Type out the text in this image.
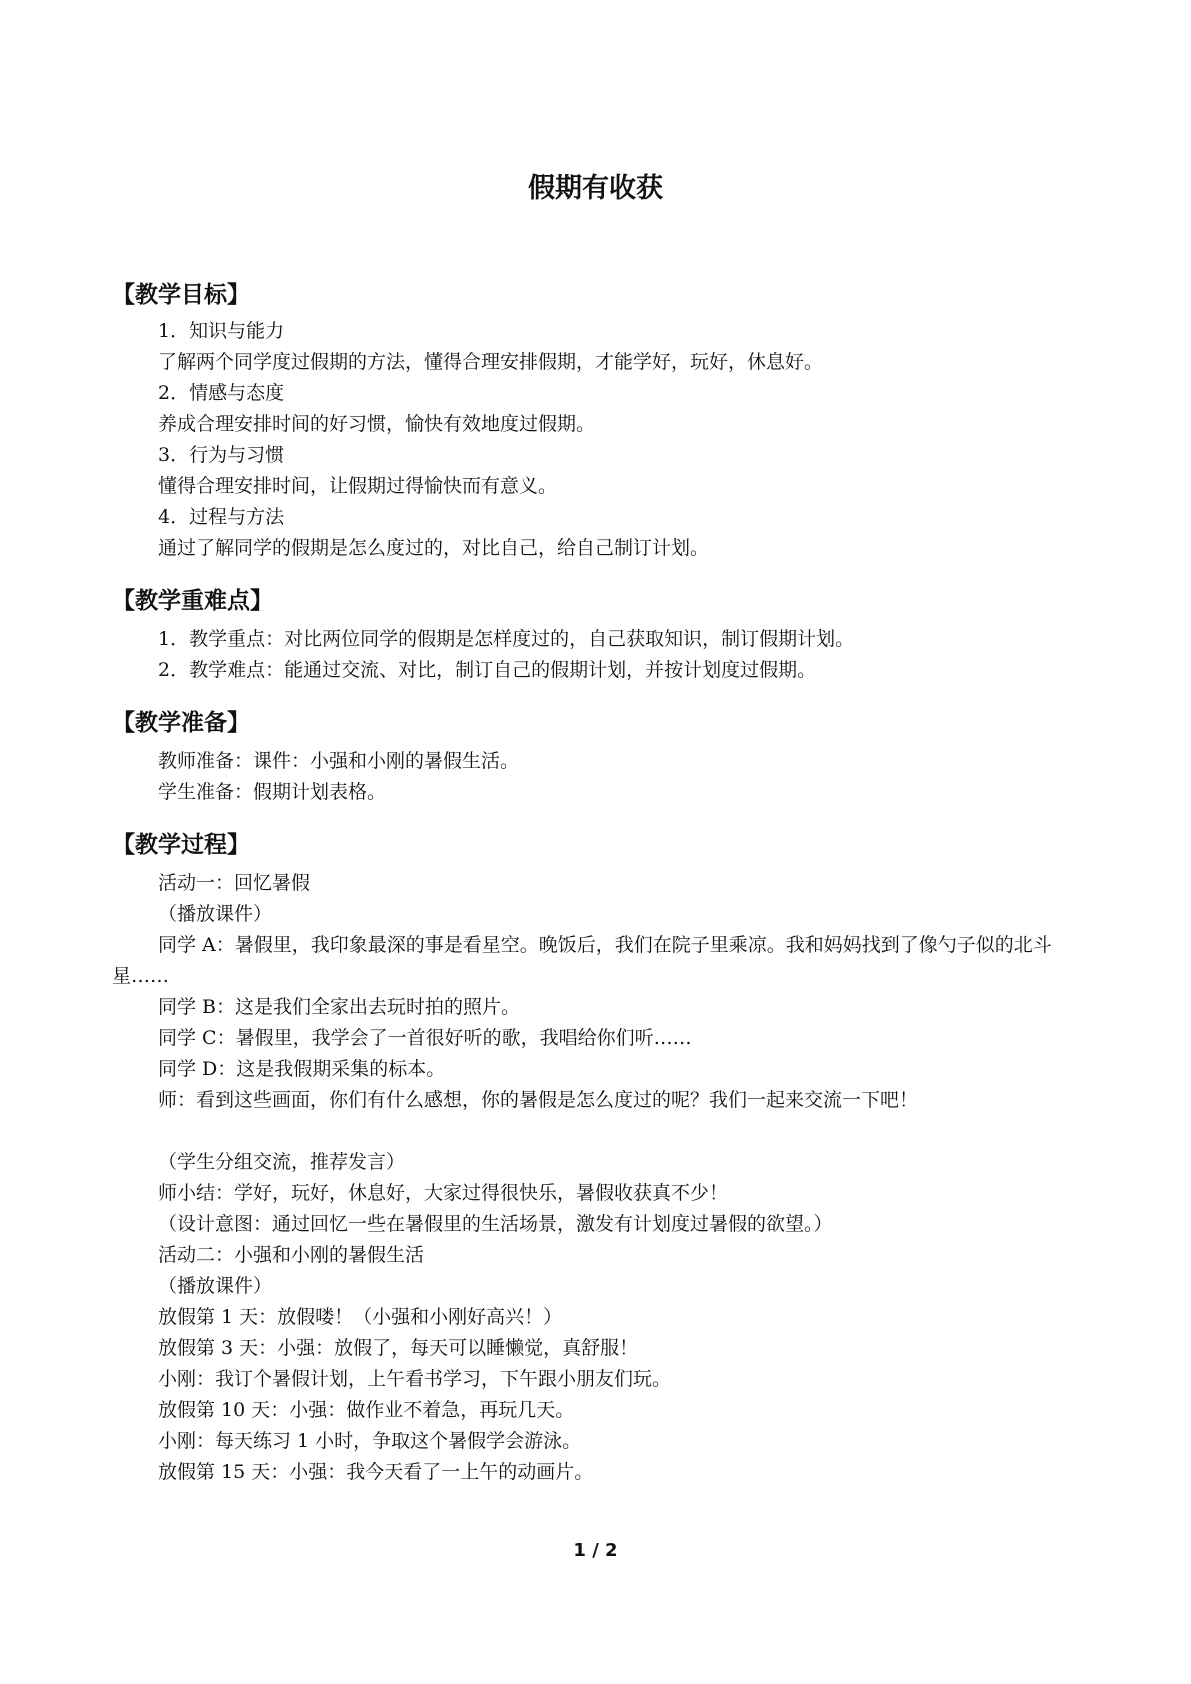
假期有收获
【教学目标】
1．知识与能力
了解两个同学度过假期的方法，懂得合理安排假期，才能学好，玩好，休息好。
2．情感与态度
养成合理安排时间的好习惯，愉快有效地度过假期。
3．行为与习惯
懂得合理安排时间，让假期过得愉快而有意义。
4．过程与方法
通过了解同学的假期是怎么度过的，对比自己，给自己制订计划。
【教学重难点】
1．教学重点：对比两位同学的假期是怎样度过的，自己获取知识，制订假期计划。
2．教学难点：能通过交流、对比，制订自己的假期计划，并按计划度过假期。
【教学准备】
教师准备：课件：小强和小刚的暑假生活。
学生准备：假期计划表格。
【教学过程】
活动一：回忆暑假
（播放课件）
同学 A：暑假里，我印象最深的事是看星空。晚饭后，我们在院子里乘凉。我和妈妈找到了像勺子似的北斗星……
同学 B：这是我们全家出去玩时拍的照片。
同学 C：暑假里，我学会了一首很好听的歌，我唱给你们听……
同学 D：这是我假期采集的标本。
师：看到这些画面，你们有什么感想，你的暑假是怎么度过的呢？我们一起来交流一下吧！
（学生分组交流，推荐发言）
师小结：学好，玩好，休息好，大家过得很快乐，暑假收获真不少！
（设计意图：通过回忆一些在暑假里的生活场景，激发有计划度过暑假的欲望。）
活动二：小强和小刚的暑假生活
（播放课件）
放假第 1 天：放假喽！（小强和小刚好高兴！）
放假第 3 天：小强：放假了，每天可以睡懒觉，真舒服！
小刚：我订个暑假计划，上午看书学习，下午跟小朋友们玩。
放假第 10 天：小强：做作业不着急，再玩几天。
小刚：每天练习 1 小时，争取这个暑假学会游泳。
放假第 15 天：小强：我今天看了一上午的动画片。
1 / 2
